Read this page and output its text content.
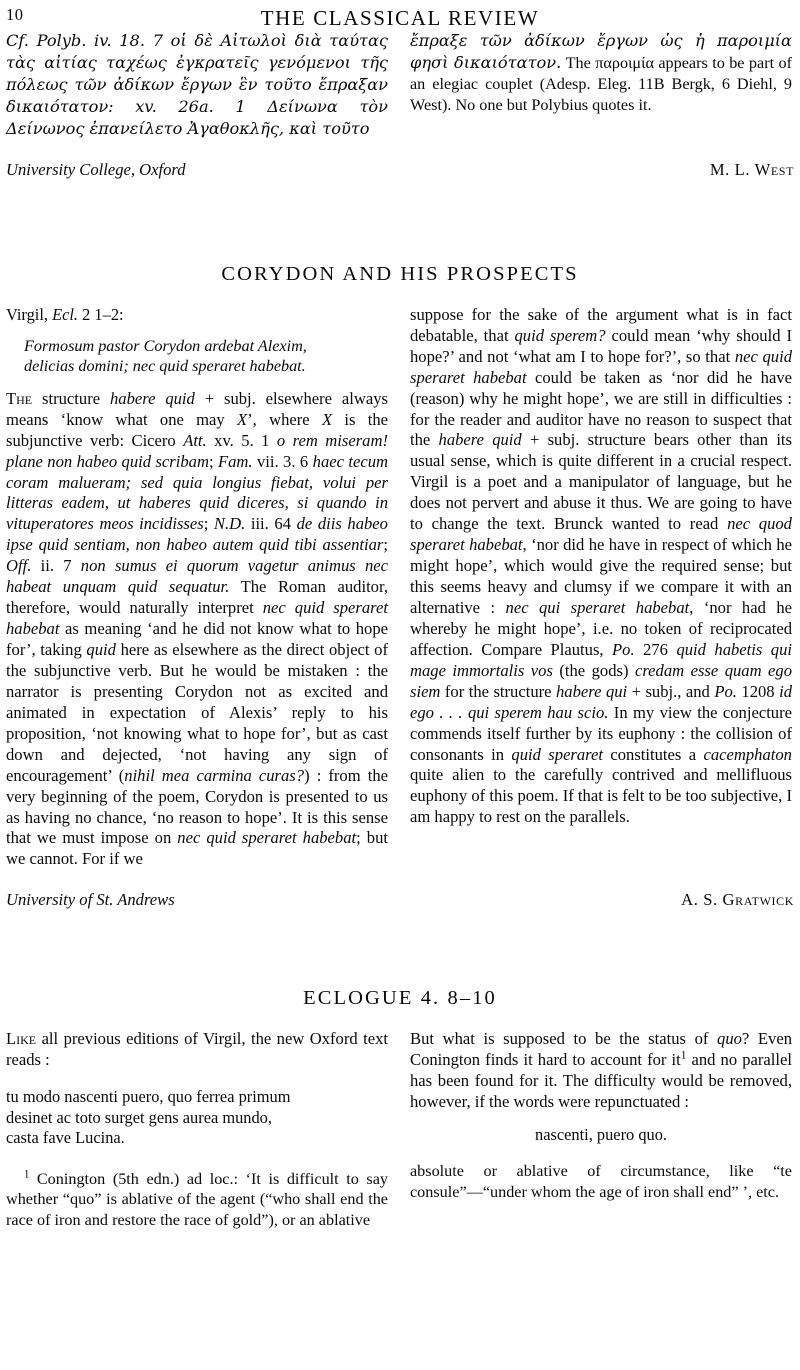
10	THE CLASSICAL REVIEW

Cf. Polyb. iv. 18. 7 οἱ δὲ Αἰτωλοὶ διὰ ταύτας τὰς αἰτίας ταχέως ἐγκρατεῖς γενόμενοι τῆς πόλεως τῶν ἀδίκων ἔργων ἓν τοῦτο ἔπραξαν δικαιότατον: xv. 26a. 1 Δείνωνα τὸν Δείνωνος ἐπανείλετο Ἀγαθοκλῆς, καὶ τοῦτο

ἔπραξε τῶν ἀδίκων ἔργων ὡς ἡ παροιμία φησὶ δικαιότατον. The παροιμία appears to be part of an elegiac couplet (Adesp. Eleg. 11B Bergk, 6 Diehl, 9 West). No one but Polybius quotes it.

University College, Oxford	M. L. West
CORYDON AND HIS PROSPECTS

Virgil, Ecl. 2 1–2:

Formosum pastor Corydon ardebat Alexim,

delicias domini; nec quid speraret habebat.

The structure habere quid + subj. elsewhere always means ‘know what one may X’, where X is the subjunctive verb: Cicero Att. xv. 5. 1 o rem miseram! plane non habeo quid scribam; Fam. vii. 3. 6 haec tecum coram malueram; sed quia longius fiebat, volui per litteras eadem, ut haberes quid diceres, si quando in vituperatores meos incidisses; N.D. iii. 64 de diis habeo ipse quid sentiam, non habeo autem quid tibi assentiar; Off. ii. 7 non sumus ei quorum vagetur animus nec habeat unquam quid sequatur. The Roman auditor, therefore, would naturally interpret nec quid speraret habebat as meaning ‘and he did not know what to hope for’, taking quid here as elsewhere as the direct object of the subjunctive verb. But he would be mistaken : the narrator is presenting Corydon not as excited and animated in expectation of Alexis’ reply to his proposition, ‘not knowing what to hope for’, but as cast down and dejected, ‘not having any sign of encouragement’ (nihil mea carmina curas?) : from the very beginning of the poem, Corydon is presented to us as having no chance, ‘no reason to hope’. It is this sense that we must impose on nec quid speraret habebat; but we cannot. For if we

suppose for the sake of the argument what is in fact debatable, that quid sperem? could mean ‘why should I hope?’ and not ‘what am I to hope for?’, so that nec quid speraret habebat could be taken as ‘nor did he have (reason) why he might hope’, we are still in difficulties : for the reader and auditor have no reason to suspect that the habere quid + subj. structure bears other than its usual sense, which is quite different in a crucial respect. Virgil is a poet and a manipulator of language, but he does not pervert and abuse it thus. We are going to have to change the text. Brunck wanted to read nec quod speraret habebat, ‘nor did he have in respect of which he might hope’, which would give the required sense; but this seems heavy and clumsy if we compare it with an alternative : nec qui speraret habebat, ‘nor had he whereby he might hope’, i.e. no token of reciprocated affection. Compare Plautus, Po. 276 quid habetis qui mage immortalis vos (the gods) credam esse quam ego siem for the structure habere qui + subj., and Po. 1208 id ego . . . qui sperem hau scio. In my view the conjecture commends itself further by its euphony : the collision of consonants in quid speraret constitutes a cacemphaton quite alien to the carefully contrived and mellifluous euphony of this poem. If that is felt to be too subjective, I am happy to rest on the parallels.

University of St. Andrews	A. S. Gratwick
ECLOGUE 4. 8–10

Like all previous editions of Virgil, the new Oxford text reads :

tu modo nascenti puero, quo ferrea primum

desinet ac toto surget gens aurea mundo,

casta fave Lucina.

$^1$ Conington (5th edn.) ad loc.: ‘It is difficult to say whether “quo” is ablative of the agent (“who shall end the race of iron and restore the race of gold”), or an ablative

But what is supposed to be the status of quo? Even Conington finds it hard to account for $it^1$ and no parallel has been found for it. The difficulty would be removed, however, if the words were repunctuated :

nascenti, puero quo.

absolute or ablative of circumstance, like “te consule”—“under whom the age of iron shall end” ’, etc.
